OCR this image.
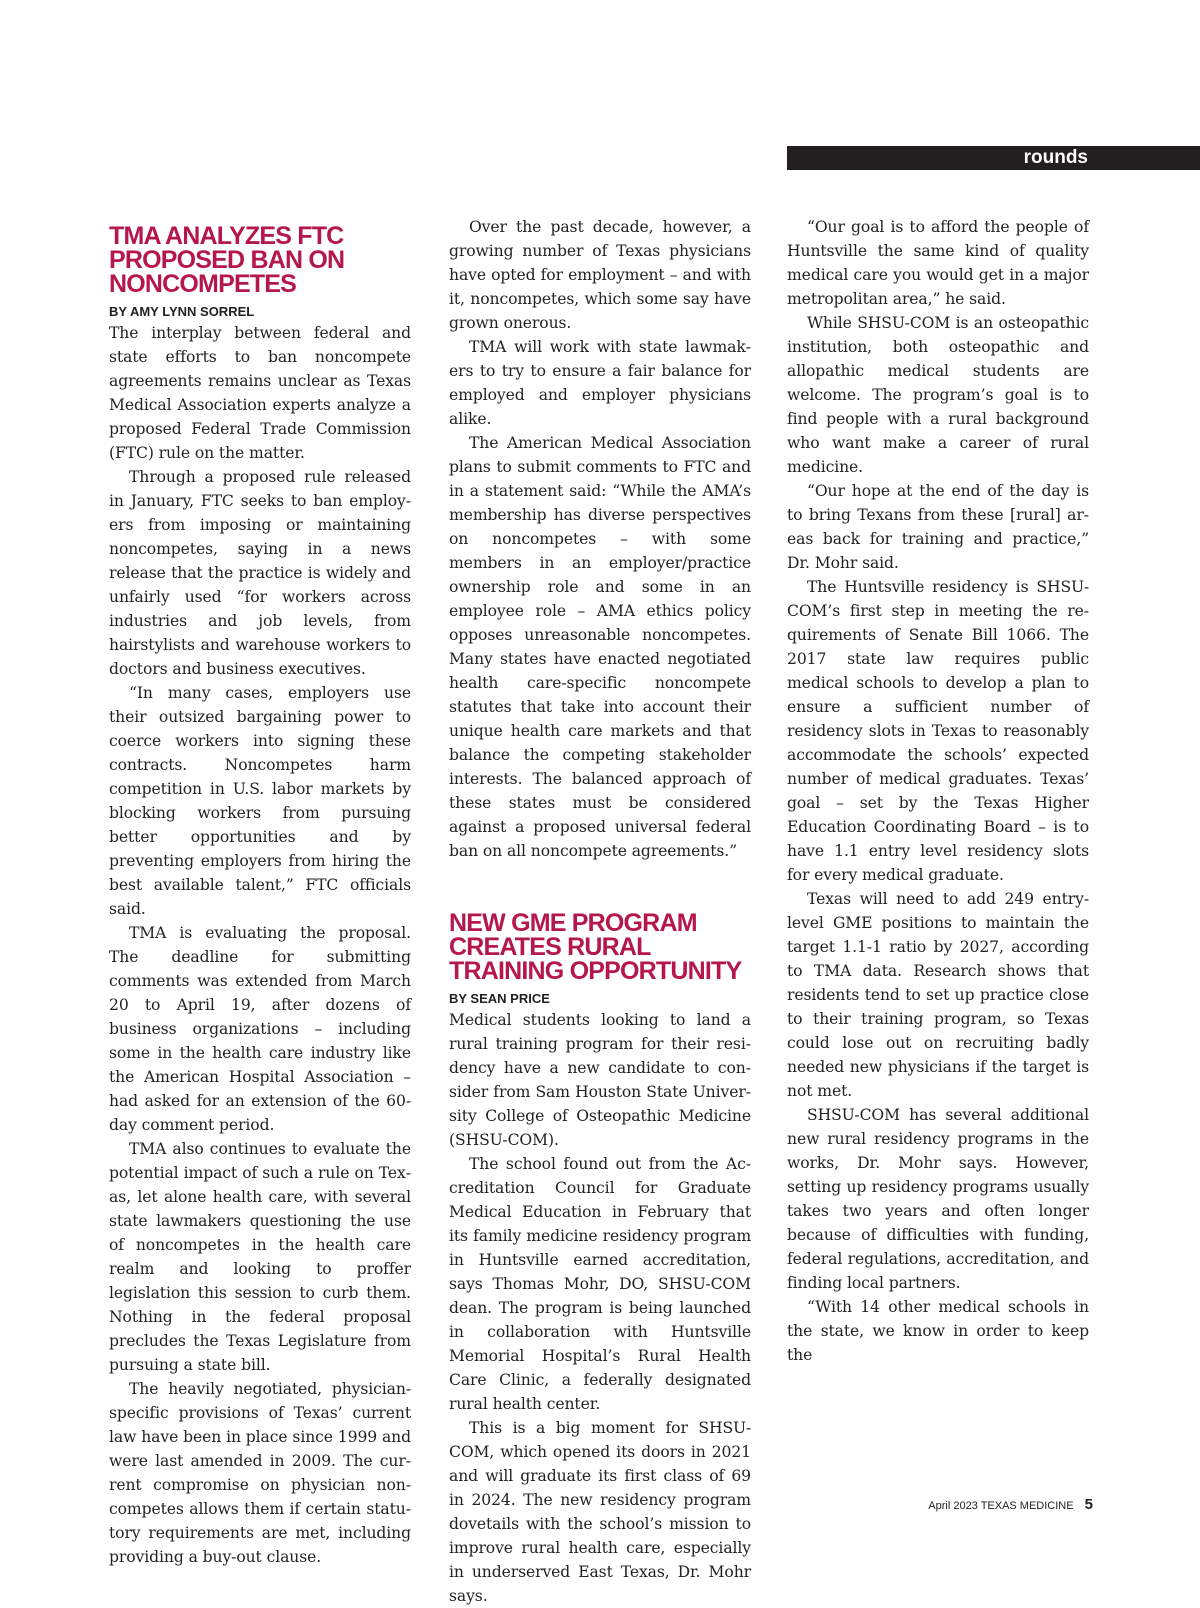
rounds
TMA ANALYZES FTC PROPOSED BAN ON NONCOMPETES
BY AMY LYNN SORREL

The interplay between federal and state efforts to ban noncompete agreements remains unclear as Texas Medical Association experts analyze a proposed Federal Trade Commission (FTC) rule on the matter.

Through a proposed rule released in January, FTC seeks to ban employers from imposing or maintaining noncompetes, saying in a news release that the practice is widely and unfairly used “for workers across industries and job levels, from hairstylists and warehouse workers to doctors and business executives.

“In many cases, employers use their outsized bargaining power to coerce workers into signing these contracts. Noncompetes harm competition in U.S. labor markets by blocking workers from pursuing better opportunities and by preventing employers from hiring the best available talent,” FTC officials said.

TMA is evaluating the proposal. The deadline for submitting comments was extended from March 20 to April 19, after dozens of business organizations – including some in the health care industry like the American Hospital Association – had asked for an extension of the 60-day comment period.

TMA also continues to evaluate the potential impact of such a rule on Texas, let alone health care, with several state lawmakers questioning the use of noncompetes in the health care realm and looking to proffer legislation this session to curb them. Nothing in the federal proposal precludes the Texas Legislature from pursuing a state bill.

The heavily negotiated, physician-specific provisions of Texas’ current law have been in place since 1999 and were last amended in 2009. The current compromise on physician noncompetes allows them if certain statutory requirements are met, including providing a buy-out clause.

Over the past decade, however, a growing number of Texas physicians have opted for employment – and with it, noncompetes, which some say have grown onerous.

TMA will work with state lawmakers to try to ensure a fair balance for employed and employer physicians alike.

The American Medical Association plans to submit comments to FTC and in a statement said: “While the AMA’s membership has diverse perspectives on noncompetes – with some members in an employer/practice ownership role and some in an employee role – AMA ethics policy opposes unreasonable noncompetes. Many states have enacted negotiated health care-specific noncompete statutes that take into account their unique health care markets and that balance the competing stakeholder interests. The balanced approach of these states must be considered against a proposed universal federal ban on all noncompete agreements.”

NEW GME PROGRAM CREATES RURAL TRAINING OPPORTUNITY
BY SEAN PRICE

Medical students looking to land a rural training program for their residency have a new candidate to consider from Sam Houston State University College of Osteopathic Medicine (SHSU-COM).

The school found out from the Accreditation Council for Graduate Medical Education in February that its family medicine residency program in Huntsville earned accreditation, says Thomas Mohr, DO, SHSU-COM dean. The program is being launched in collaboration with Huntsville Memorial Hospital’s Rural Health Care Clinic, a federally designated rural health center.

This is a big moment for SHSU-COM, which opened its doors in 2021 and will graduate its first class of 69 in 2024. The new residency program dovetails with the school’s mission to improve rural health care, especially in underserved East Texas, Dr. Mohr says.

“Our goal is to afford the people of Huntsville the same kind of quality medical care you would get in a major metropolitan area,” he said.

While SHSU-COM is an osteopathic institution, both osteopathic and allopathic medical students are welcome. The program’s goal is to find people with a rural background who want make a career of rural medicine.

“Our hope at the end of the day is to bring Texans from these [rural] areas back for training and practice,” Dr. Mohr said.

The Huntsville residency is SHSU-COM’s first step in meeting the requirements of Senate Bill 1066. The 2017 state law requires public medical schools to develop a plan to ensure a sufficient number of residency slots in Texas to reasonably accommodate the schools’ expected number of medical graduates. Texas’ goal – set by the Texas Higher Education Coordinating Board – is to have 1.1 entry level residency slots for every medical graduate.

Texas will need to add 249 entry-level GME positions to maintain the target 1.1-1 ratio by 2027, according to TMA data. Research shows that residents tend to set up practice close to their training program, so Texas could lose out on recruiting badly needed new physicians if the target is not met.

SHSU-COM has several additional new rural residency programs in the works, Dr. Mohr says. However, setting up residency programs usually takes two years and often longer because of difficulties with funding, federal regulations, accreditation, and finding local partners.

“With 14 other medical schools in the state, we know in order to keep the

April 2023 TEXAS MEDICINE 5
